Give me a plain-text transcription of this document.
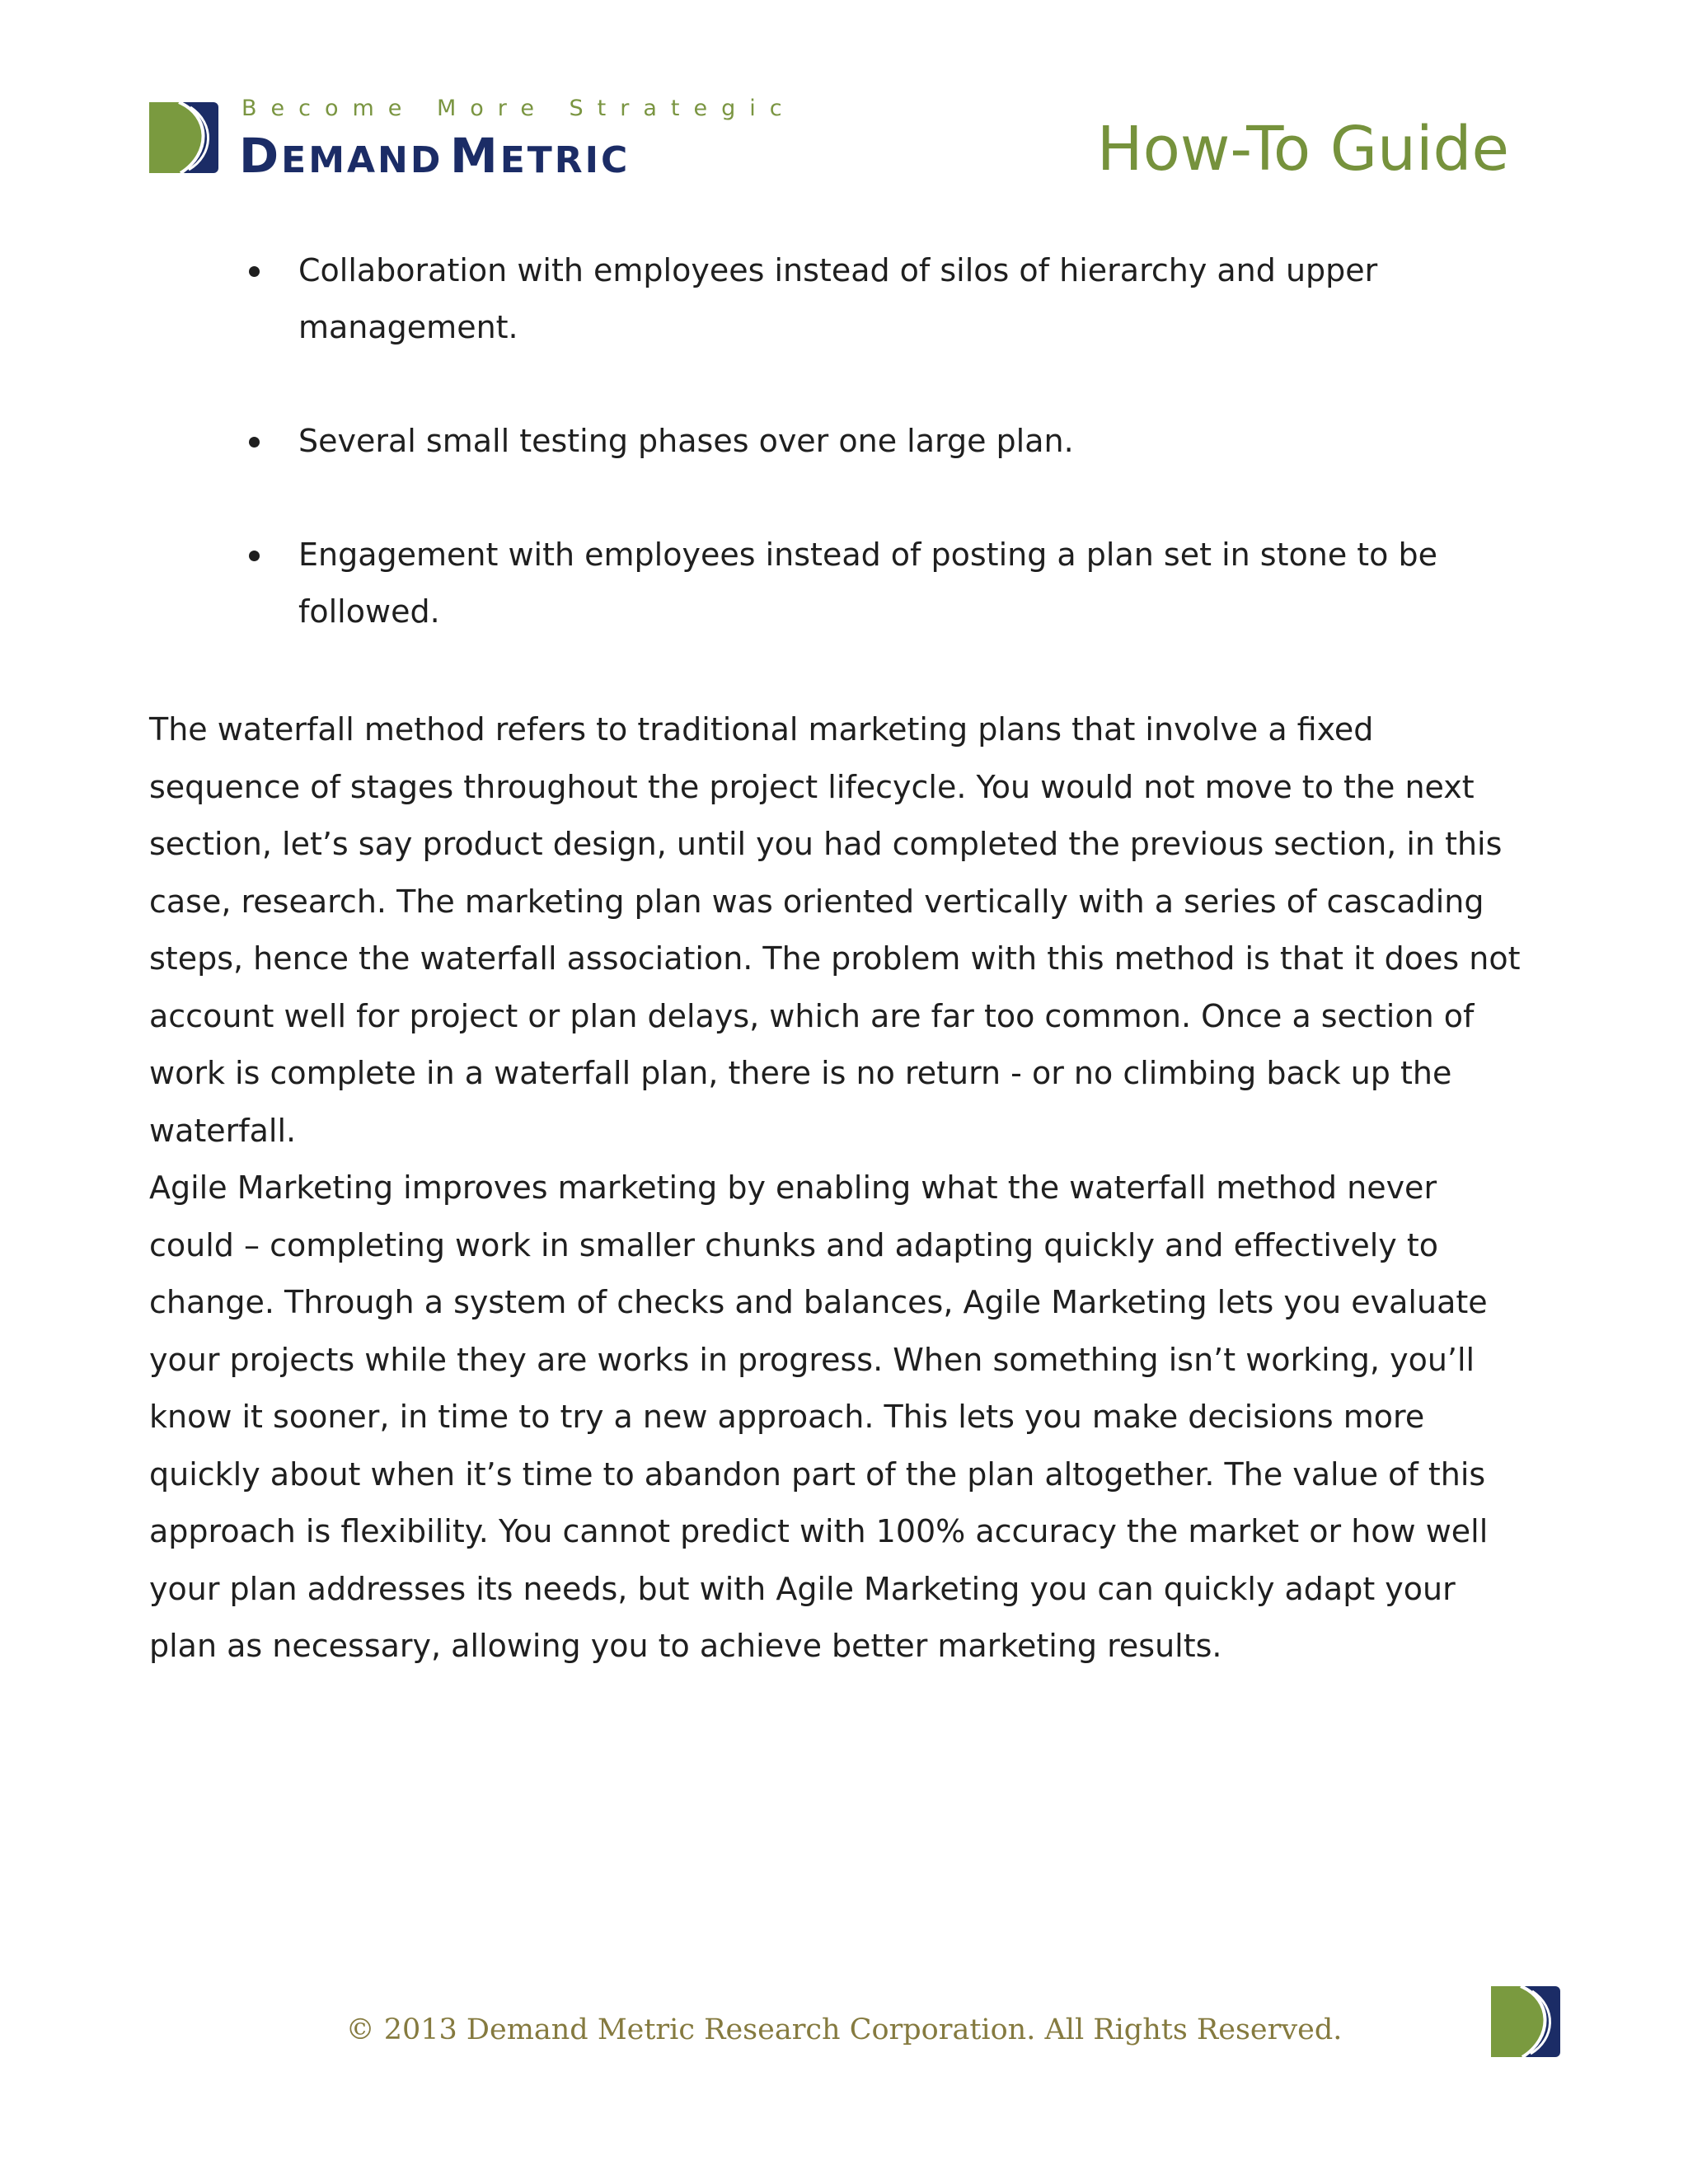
Become More Strategic
DEMAND METRIC	How-To Guide
Collaboration with employees instead of silos of hierarchy and upper management.
Several small testing phases over one large plan.
Engagement with employees instead of posting a plan set in stone to be followed.

The waterfall method refers to traditional marketing plans that involve a fixed sequence of stages throughout the project lifecycle. You would not move to the next section, let’s say product design, until you had completed the previous section, in this case, research. The marketing plan was oriented vertically with a series of cascading steps, hence the waterfall association. The problem with this method is that it does not account well for project or plan delays, which are far too common. Once a section of work is complete in a waterfall plan, there is no return - or no climbing back up the waterfall.

Agile Marketing improves marketing by enabling what the waterfall method never could – completing work in smaller chunks and adapting quickly and effectively to change. Through a system of checks and balances, Agile Marketing lets you evaluate your projects while they are works in progress. When something isn’t working, you’ll know it sooner, in time to try a new approach. This lets you make decisions more quickly about when it’s time to abandon part of the plan altogether. The value of this approach is flexibility. You cannot predict with 100% accuracy the market or how well your plan addresses its needs, but with Agile Marketing you can quickly adapt your plan as necessary, allowing you to achieve better marketing results.

© 2013 Demand Metric Research Corporation. All Rights Reserved.
